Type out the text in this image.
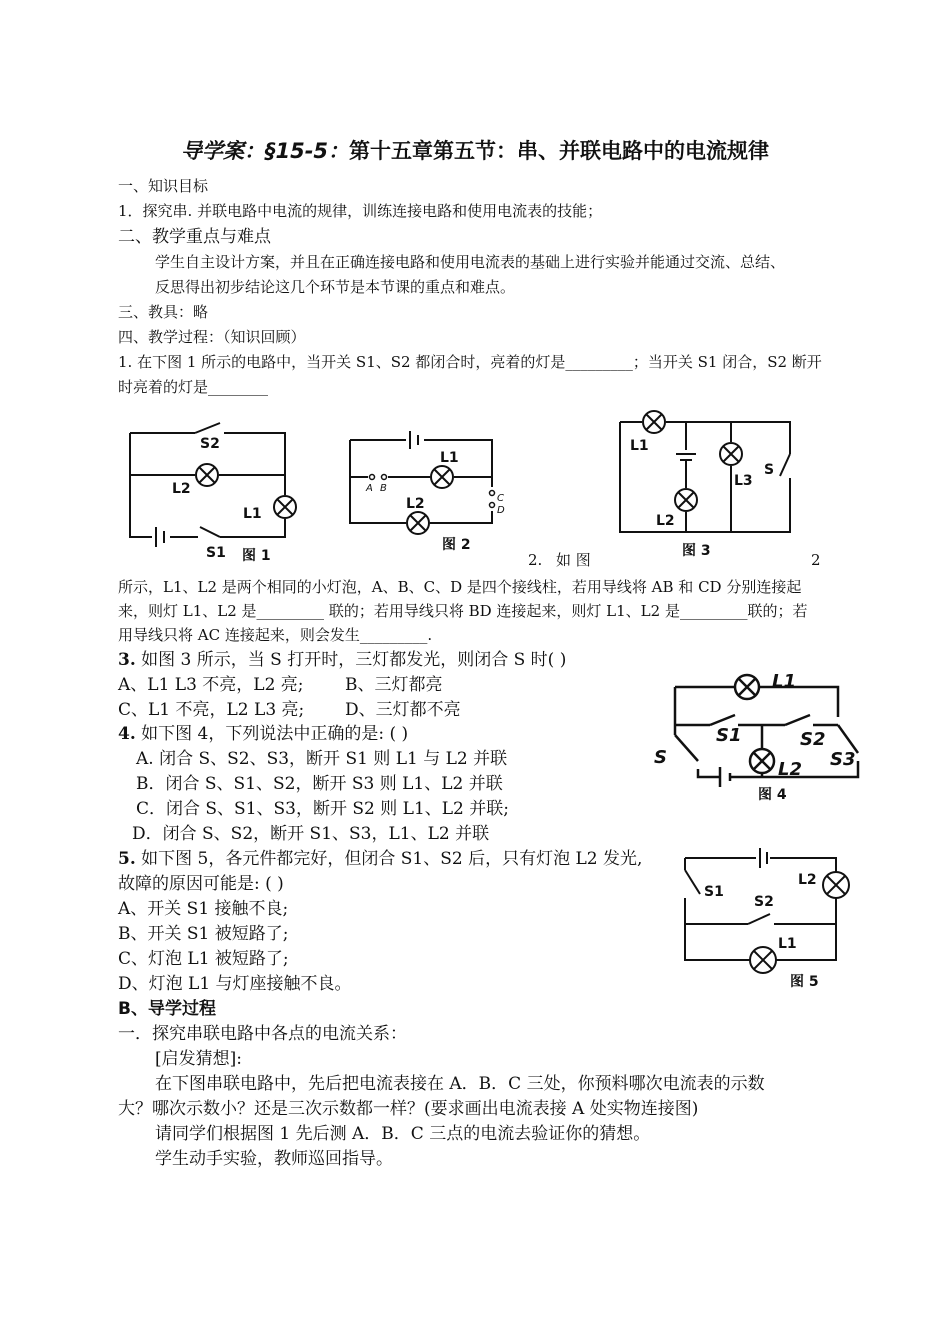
导学案：§15-5：第十五章第五节：串、并联电路中的电流规律
一、知识目标
1．探究串. 并联电路中电流的规律，训练连接电路和使用电流表的技能；
二、教学重点与难点
学生自主设计方案，并且在正确连接电路和使用电流表的基础上进行实验并能通过交流、总结、
反思得出初步结论这几个环节是本节课的重点和难点。
三、教具：略
四、教学过程：（知识回顾）
1. 在下图 1 所示的电路中，当开关 S1、S2 都闭合时，亮着的灯是_________；当开关 S1 闭合，S2 断开
时亮着的灯是________
S2
L2
L1
S1 图 1
L1
L2
图 2
A B
C
D
L1
L2
L3
S
图 3
2. 如 图	2
所示，L1、L2 是两个相同的小灯泡，A、B、C、D 是四个接线柱，若用导线将 AB 和 CD 分别连接起
来，则灯 L1、L2 是_________ 联的；若用导线只将 BD 连接起来，则灯 L1、L2 是_________联的；若
用导线只将 AC 连接起来，则会发生_________.
3. 如图 3 所示，当 S 打开时，三灯都发光，则闭合 S 时( )
A、L1 L3 不亮，L2 亮; B、三灯都亮
C、L1 不亮，L2 L3 亮; D、三灯都不亮
L1
S1	S2
L2
S	S3
图 4
4. 如下图 4，下列说法中正确的是: ( )
A. 闭合 S、S2、S3，断开 S1 则 L1 与 L2 并联
B．闭合 S、S1、S2，断开 S3 则 L1、L2 并联
C．闭合 S、S1、S3，断开 S2 则 L1、L2 并联;
D．闭合 S、S2，断开 S1、S3，L1、L2 并联
5. 如下图 5，各元件都完好，但闭合 S1、S2 后，只有灯泡 L2 发光,
故障的原因可能是: ( )
A、开关 S1 接触不良;
B、开关 S1 被短路了;
C、灯泡 L1 被短路了;
D、灯泡 L1 与灯座接触不良。
S1
S2
L2
L1
图 5
B、导学过程
一．探究串联电路中各点的电流关系：
[启发猜想]:
在下图串联电路中，先后把电流表接在 A．B．C 三处，你预料哪次电流表的示数
大？哪次示数小？还是三次示数都一样？(要求画出电流表接 A 处实物连接图)
请同学们根据图 1 先后测 A．B．C 三点的电流去验证你的猜想。
学生动手实验，教师巡回指导。
